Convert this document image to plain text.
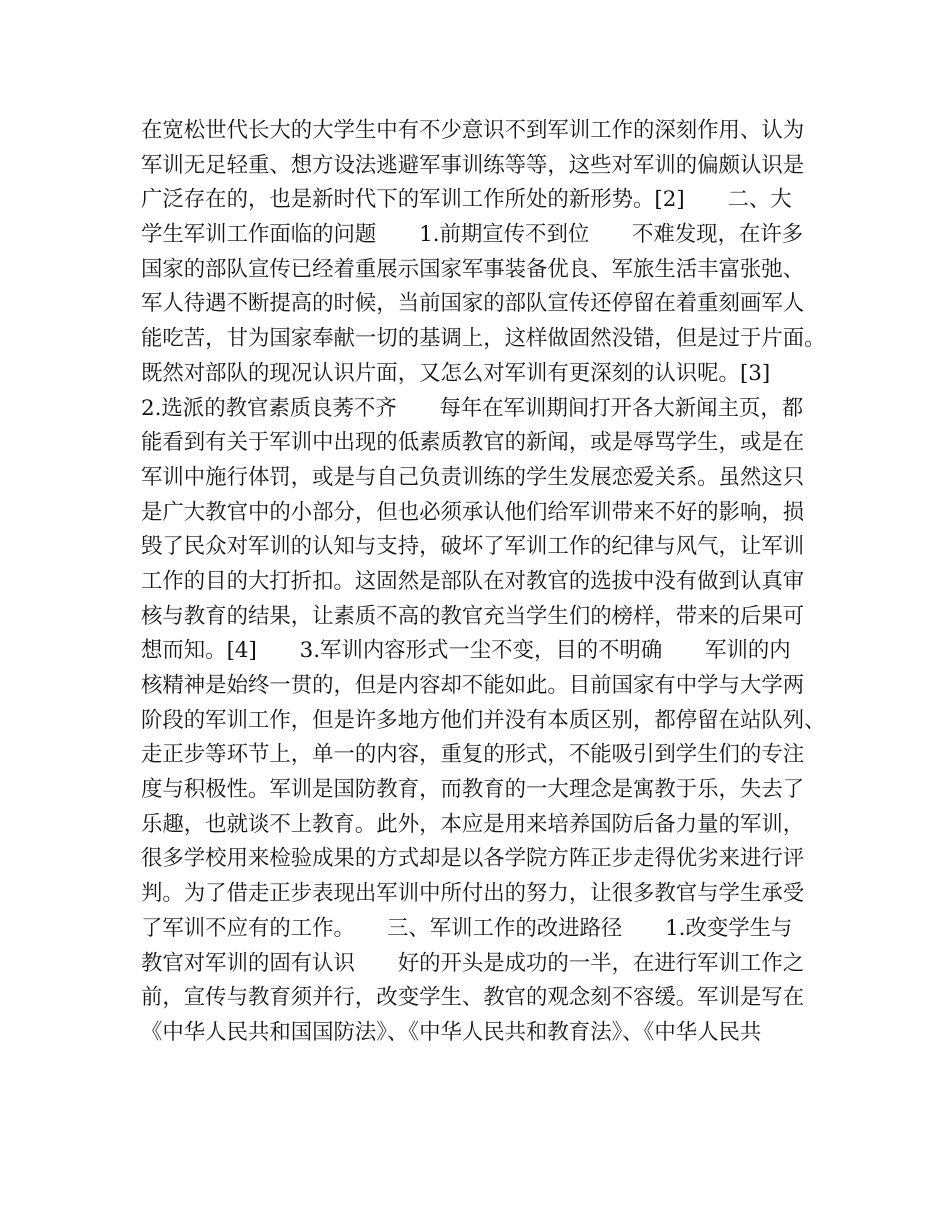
在宽松世代长大的大学生中有不少意识不到军训工作的深刻作用、认为
军训无足轻重、想方设法逃避军事训练等等，这些对军训的偏颇认识是
广泛存在的，也是新时代下的军训工作所处的新形势。[2]　　二、大
学生军训工作面临的问题　　1.前期宣传不到位　　不难发现，在许多
国家的部队宣传已经着重展示国家军事装备优良、军旅生活丰富张弛、
军人待遇不断提高的时候，当前国家的部队宣传还停留在着重刻画军人
能吃苦，甘为国家奉献一切的基调上，这样做固然没错，但是过于片面。
既然对部队的现况认识片面，又怎么对军训有更深刻的认识呢。[3]
2.选派的教官素质良莠不齐　　每年在军训期间打开各大新闻主页，都
能看到有关于军训中出现的低素质教官的新闻，或是辱骂学生，或是在
军训中施行体罚，或是与自己负责训练的学生发展恋爱关系。虽然这只
是广大教官中的小部分，但也必须承认他们给军训带来不好的影响，损
毁了民众对军训的认知与支持，破坏了军训工作的纪律与风气，让军训
工作的目的大打折扣。这固然是部队在对教官的选拔中没有做到认真审
核与教育的结果，让素质不高的教官充当学生们的榜样，带来的后果可
想而知。[4]　　3.军训内容形式一尘不变，目的不明确　　军训的内
核精神是始终一贯的，但是内容却不能如此。目前国家有中学与大学两
阶段的军训工作，但是许多地方他们并没有本质区别，都停留在站队列、
走正步等环节上，单一的内容，重复的形式，不能吸引到学生们的专注
度与积极性。军训是国防教育，而教育的一大理念是寓教于乐，失去了
乐趣，也就谈不上教育。此外，本应是用来培养国防后备力量的军训，
很多学校用来检验成果的方式却是以各学院方阵正步走得优劣来进行评
判。为了借走正步表现出军训中所付出的努力，让很多教官与学生承受
了军训不应有的工作。　　三、军训工作的改进路径　　1.改变学生与
教官对军训的固有认识　　好的开头是成功的一半，在进行军训工作之
前，宣传与教育须并行，改变学生、教官的观念刻不容缓。军训是写在
《中华人民共和国国防法》、《中华人民共和教育法》、《中华人民共
